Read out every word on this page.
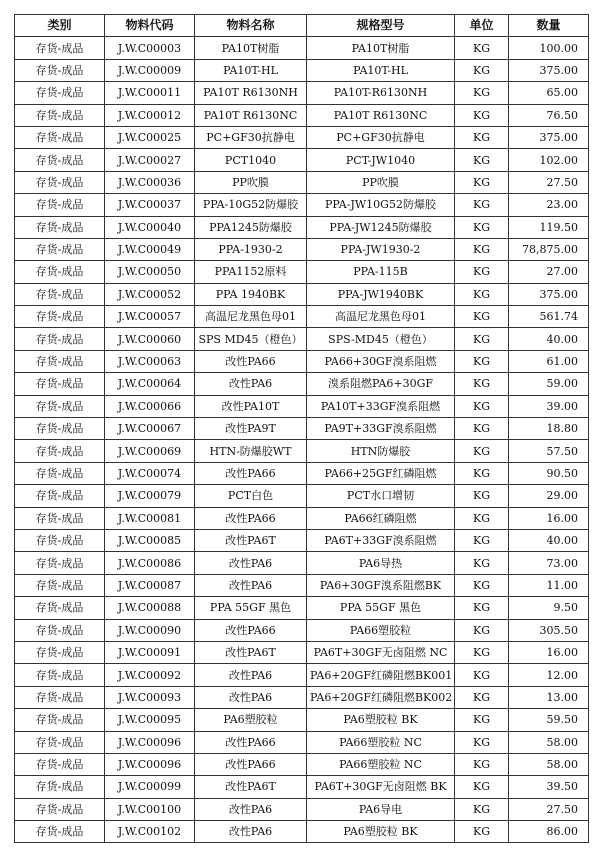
类别	物料代码	物料名称	规格型号	单位	数量
存货-成品	J.W.C00003	PA10T树脂	PA10T树脂	KG	100.00
存货-成品	J.W.C00009	PA10T-HL	PA10T-HL	KG	375.00
存货-成品	J.W.C00011	PA10T R6130NH	PA10T-R6130NH	KG	65.00
存货-成品	J.W.C00012	PA10T R6130NC	PA10T R6130NC	KG	76.50
存货-成品	J.W.C00025	PC+GF30抗静电	PC+GF30抗静电	KG	375.00
存货-成品	J.W.C00027	PCT1040	PCT-JW1040	KG	102.00
存货-成品	J.W.C00036	PP吹膜	PP吹膜	KG	27.50
存货-成品	J.W.C00037	PPA-10G52防爆胶	PPA-JW10G52防爆胶	KG	23.00
存货-成品	J.W.C00040	PPA1245防爆胶	PPA-JW1245防爆胶	KG	119.50
存货-成品	J.W.C00049	PPA-1930-2	PPA-JW1930-2	KG	78,875.00
存货-成品	J.W.C00050	PPA1152原料	PPA-115B	KG	27.00
存货-成品	J.W.C00052	PPA 1940BK	PPA-JW1940BK	KG	375.00
存货-成品	J.W.C00057	高温尼龙黑色母01	高温尼龙黑色母01	KG	561.74
存货-成品	J.W.C00060	SPS MD45（橙色）	SPS-MD45（橙色）	KG	40.00
存货-成品	J.W.C00063	改性PA66	PA66+30GF溴系阻燃	KG	61.00
存货-成品	J.W.C00064	改性PA6	溴系阻燃PA6+30GF	KG	59.00
存货-成品	J.W.C00066	改性PA10T	PA10T+33GF溴系阻燃	KG	39.00
存货-成品	J.W.C00067	改性PA9T	PA9T+33GF溴系阻燃	KG	18.80
存货-成品	J.W.C00069	HTN-防爆胶WT	HTN防爆胶	KG	57.50
存货-成品	J.W.C00074	改性PA66	PA66+25GF红磷阻燃	KG	90.50
存货-成品	J.W.C00079	PCT白色	PCT水口增韧	KG	29.00
存货-成品	J.W.C00081	改性PA66	PA66红磷阻燃	KG	16.00
存货-成品	J.W.C00085	改性PA6T	PA6T+33GF溴系阻燃	KG	40.00
存货-成品	J.W.C00086	改性PA6	PA6导热	KG	73.00
存货-成品	J.W.C00087	改性PA6	PA6+30GF溴系阻燃BK	KG	11.00
存货-成品	J.W.C00088	PPA 55GF 黑色	PPA 55GF 黑色	KG	9.50
存货-成品	J.W.C00090	改性PA66	PA66塑胶粒	KG	305.50
存货-成品	J.W.C00091	改性PA6T	PA6T+30GF无卤阻燃 NC	KG	16.00
存货-成品	J.W.C00092	改性PA6	PA6+20GF红磷阻燃BK001	KG	12.00
存货-成品	J.W.C00093	改性PA6	PA6+20GF红磷阻燃BK002	KG	13.00
存货-成品	J.W.C00095	PA6塑胶粒	PA6塑胶粒 BK	KG	59.50
存货-成品	J.W.C00096	改性PA66	PA66塑胶粒 NC	KG	58.00
存货-成品	J.W.C00096	改性PA66	PA66塑胶粒 NC	KG	58.00
存货-成品	J.W.C00099	改性PA6T	PA6T+30GF无卤阻燃 BK	KG	39.50
存货-成品	J.W.C00100	改性PA6	PA6导电	KG	27.50
存货-成品	J.W.C00102	改性PA6	PA6塑胶粒 BK	KG	86.00
